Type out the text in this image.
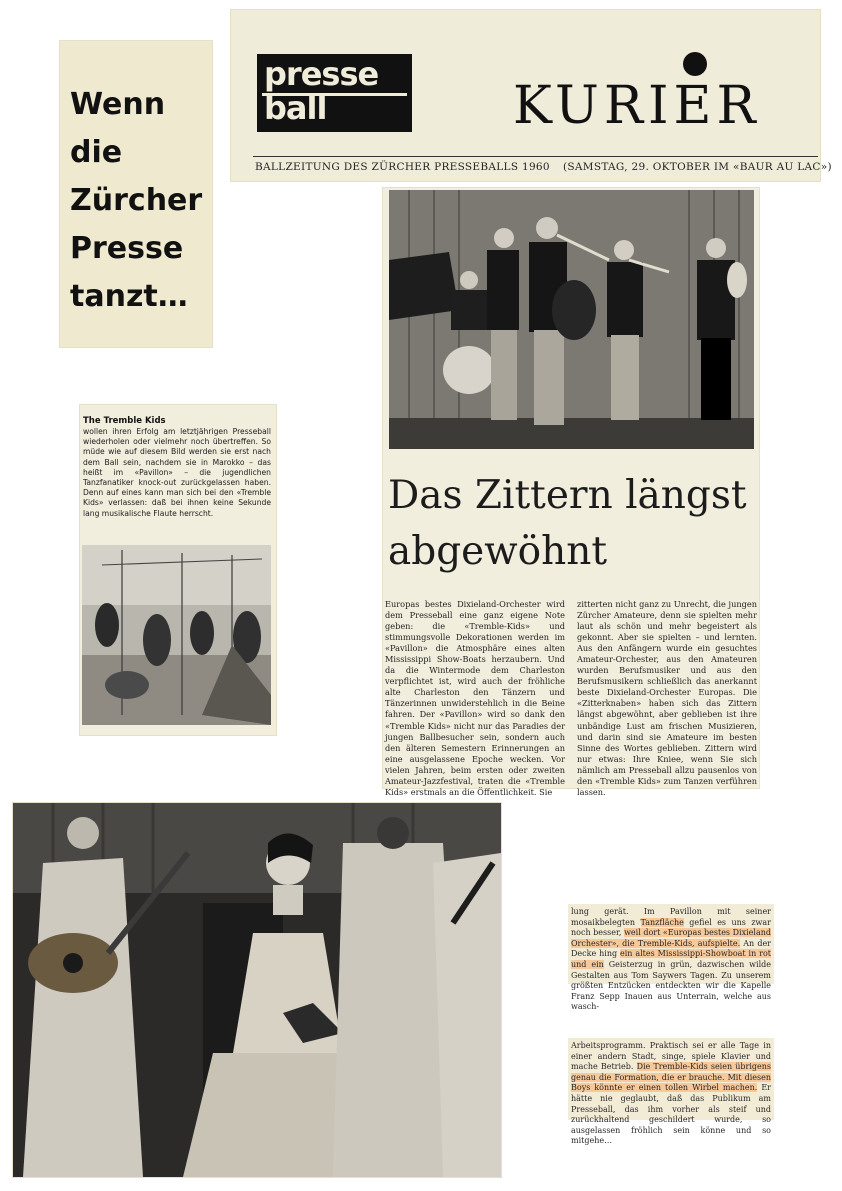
Wenn
die
Zürcher
Presse
tanzt…
presse
ball	KURIER
BALLZEITUNG DES ZÜRCHER PRESSEBALLS 1960 (SAMSTAG, 29. OKTOBER IM «BAUR AU LAC»)
The Tremble Kids
wollen ihren Erfolg am letztjährigen Presseball wiederholen oder vielmehr noch übertreffen. So müde wie auf diesem Bild werden sie erst nach dem Ball sein, nachdem sie in Marokko – das heißt im «Pavillon» – die jugendlichen Tanzfanatiker knock-out zurückgelassen haben. Denn auf eines kann man sich bei den «Tremble Kids» verlassen: daß bei ihnen keine Sekunde lang musikalische Flaute herrscht.	Das Zittern längst
abgewöhnt

Europas bestes Dixieland-Orchester wird dem Presseball eine ganz eigene Note geben: die «Tremble-Kids» und stimmungsvolle Dekorationen werden im «Pavillon» die Atmosphäre eines alten Mississippi Show-Boats herzaubern. Und da die Wintermode dem Charleston verpflichtet ist, wird auch der fröhliche alte Charleston den Tänzern und Tänzerinnen unwiderstehlich in die Beine fahren. Der «Pavillon» wird so dank den «Tremble Kids» nicht nur das Paradies der jungen Ballbesucher sein, sondern auch den älteren Semestern Erinnerungen an eine ausgelassene Epoche wecken. Vor vielen Jahren, beim ersten oder zweiten Amateur-Jazzfestival, traten die «Tremble Kids» erstmals an die Öffentlichkeit. Sie

zitterten nicht ganz zu Unrecht, die jungen Zürcher Amateure, denn sie spielten mehr laut als schön und mehr begeistert als gekonnt. Aber sie spielten – und lernten. Aus den Anfängern wurde ein gesuchtes Amateur-Orchester, aus den Amateuren wurden Berufsmusiker und aus den Berufsmusikern schließlich das anerkannt beste Dixieland-Orchester Europas. Die «Zitterknaben» haben sich das Zittern längst abgewöhnt, aber geblieben ist ihre unbändige Lust am frischen Musizieren, und darin sind sie Amateure im besten Sinne des Wortes geblieben. Zittern wird nur etwas: Ihre Kniee, wenn Sie sich nämlich am Presseball allzu pausenlos von den «Tremble Kids» zum Tanzen verführen lassen.

lung gerät. Im Pavillon mit seiner mosaikbelegten Tanzfläche gefiel es uns zwar noch besser, weil dort «Europas bestes Dixieland Orchester», die Tremble-Kids, aufspielte. An der Decke hing ein altes Mississippi-Showboat in rot und ein Geisterzug in grün, dazwischen wilde Gestalten aus Tom Saywers Tagen. Zu unserem größten Entzücken entdeckten wir die Kapelle Franz Sepp Inauen aus Unterrain, welche aus wasch-

Arbeitsprogramm. Praktisch sei er alle Tage in einer andern Stadt, singe, spiele Klavier und mache Betrieb. Die Tremble-Kids seien übrigens genau die Formation, die er brauche. Mit diesen Boys könnte er einen tollen Wirbel machen. Er hätte nie geglaubt, daß das Publikum am Presseball, das ihm vorher als steif und zurückhaltend geschildert wurde, so ausgelassen fröhlich sein könne und so mitgehe…
